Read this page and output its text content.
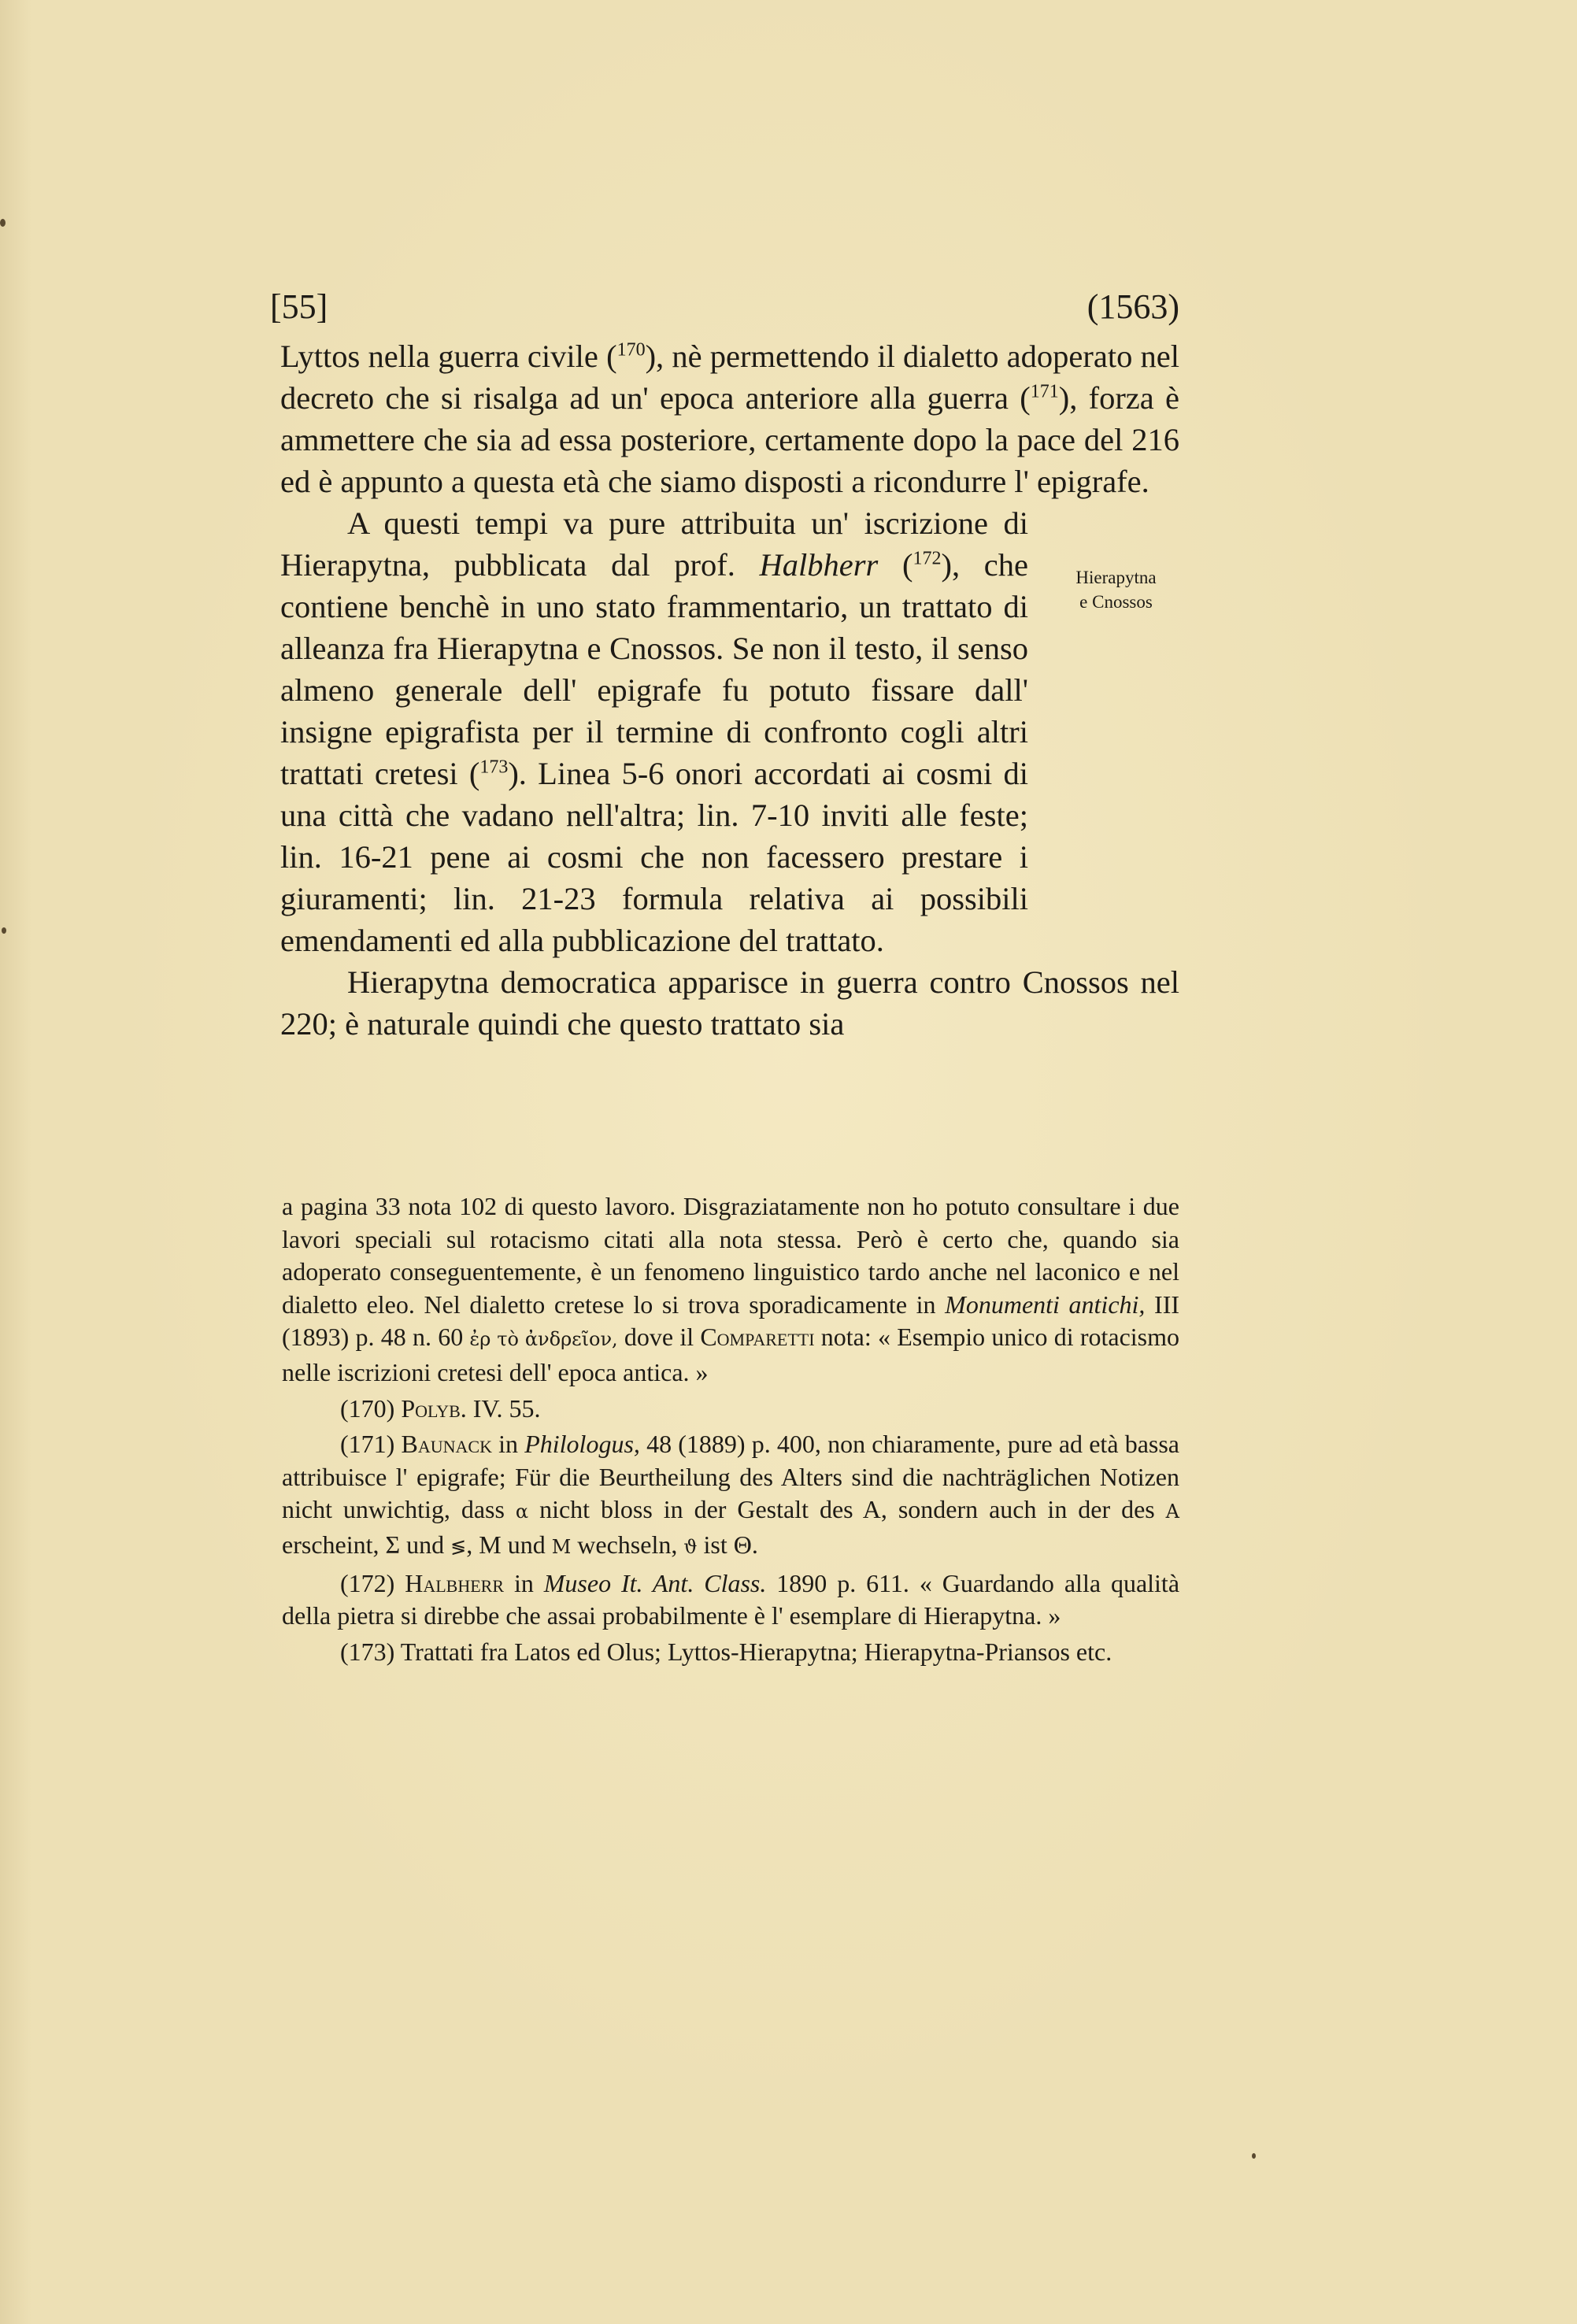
[55]	(1563)
Hierapytna
e Cnossos

Lyttos nella guerra civile ($^{170}$), nè permettendo il dialetto adoperato nel decreto che si risalga ad un' epoca anteriore alla guerra ($^{171}$), forza è ammettere che sia ad essa posteriore, certamente dopo la pace del 216 ed è appunto a questa età che siamo disposti a ricondurre l' epigrafe.

A questi tempi va pure attribuita un' iscrizione di Hierapytna, pubblicata dal prof. Halbherr ($^{172}$), che contiene benchè in uno stato frammentario, un trattato di alleanza fra Hierapytna e Cnossos. Se non il testo, il senso almeno generale dell' epigrafe fu potuto fissare dall' insigne epigrafista per il termine di confronto cogli altri trattati cretesi ($^{173}$). Linea 5-6 onori accordati ai cosmi di una città che vadano nell'altra; lin. 7-10 inviti alle feste; lin. 16-21 pene ai cosmi che non facessero prestare i giuramenti; lin. 21-23 formula relativa ai possibili emendamenti ed alla pubblicazione del trattato.

Hierapytna democratica apparisce in guerra contro Cnossos nel 220; è naturale quindi che questo trattato sia

a pagina 33 nota 102 di questo lavoro. Disgraziatamente non ho potuto consultare i due lavori speciali sul rotacismo citati alla nota stessa. Però è certo che, quando sia adoperato conseguentemente, è un fenomeno linguistico tardo anche nel laconico e nel dialetto eleo. Nel dialetto cretese lo si trova sporadicamente in Monumenti antichi, III (1893) p. 48 n. 60 ἐρ τὸ ἀνδρεῖον, dove il Comparetti nota: « Esempio unico di rotacismo nelle iscrizioni cretesi dell' epoca antica. »

(170) Polyb. IV. 55.

(171) Baunack in Philologus, 48 (1889) p. 400, non chiaramente, pure ad età bassa attribuisce l' epigrafe; Für die Beurtheilung des Alters sind die nachträglichen Notizen nicht unwichtig, dass α nicht bloss in der Gestalt des A, sondern auch in der des A erscheint, Σ und ≶, M und M wechseln, ϑ ist Θ.

(172) Halbherr in Museo It. Ant. Class. 1890 p. 611. « Guardando alla qualità della pietra si direbbe che assai probabilmente è l' esemplare di Hierapytna. »

(173) Trattati fra Latos ed Olus; Lyttos-Hierapytna; Hierapytna-Priansos etc.
